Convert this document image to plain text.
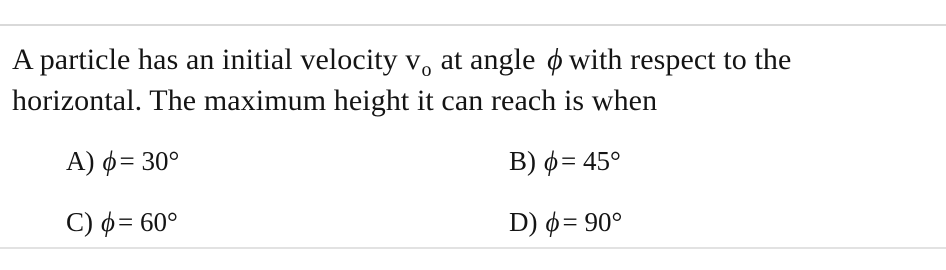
A particle has an initial velocity $v_o$ at angle ϕ with respect to the
horizontal. The maximum height it can reach is when
A) ϕ = 30°	B) ϕ = 45°
C) ϕ = 60°	D) ϕ = 90°
